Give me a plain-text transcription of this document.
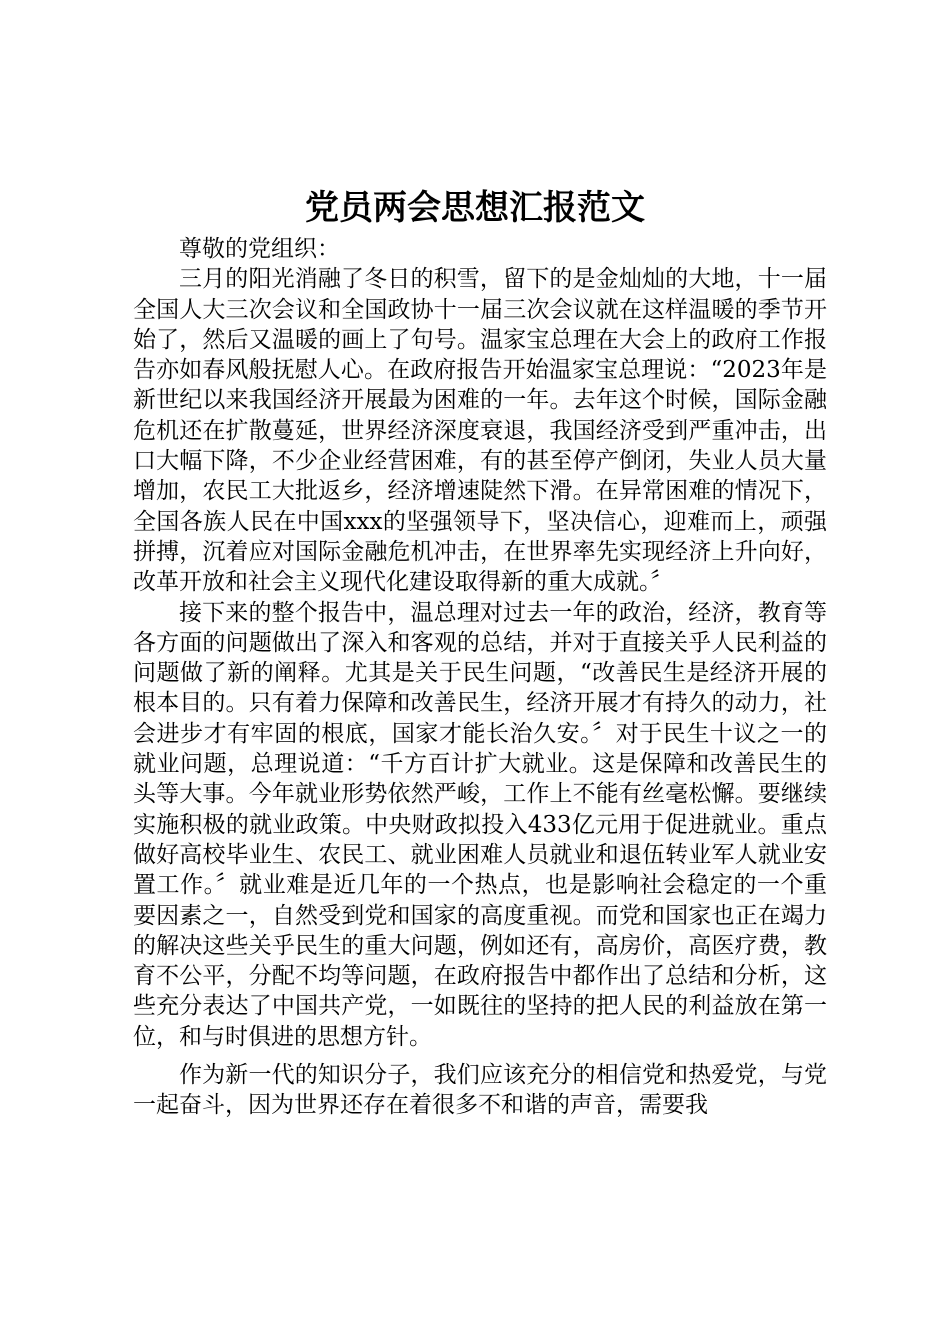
党员两会思想汇报范文

尊敬的党组织：

三月的阳光消融了冬日的积雪，留下的是金灿灿的大地，十一届全国人大三次会议和全国政协十一届三次会议就在这样温暖的季节开始了，然后又温暖的画上了句号。温家宝总理在大会上的政府工作报告亦如春风般抚慰人心。在政府报告开始温家宝总理说：“2023年是新世纪以来我国经济开展最为困难的一年。去年这个时候，国际金融危机还在扩散蔓延，世界经济深度衰退，我国经济受到严重冲击，出口大幅下降，不少企业经营困难，有的甚至停产倒闭，失业人员大量增加，农民工大批返乡，经济增速陡然下滑。在异常困难的情况下，全国各族人民在中国xxx的坚强领导下，坚决信心，迎难而上，顽强拼搏，沉着应对国际金融危机冲击，在世界率先实现经济上升向好，改革开放和社会主义现代化建设取得新的重大成就。〞

接下来的整个报告中，温总理对过去一年的政治，经济，教育等各方面的问题做出了深入和客观的总结，并对于直接关乎人民利益的问题做了新的阐释。尤其是关于民生问题，“改善民生是经济开展的根本目的。只有着力保障和改善民生，经济开展才有持久的动力，社会进步才有牢固的根底，国家才能长治久安。〞对于民生十议之一的就业问题，总理说道：“千方百计扩大就业。这是保障和改善民生的头等大事。今年就业形势依然严峻，工作上不能有丝毫松懈。要继续实施积极的就业政策。中央财政拟投入433亿元用于促进就业。重点做好高校毕业生、农民工、就业困难人员就业和退伍转业军人就业安置工作。〞就业难是近几年的一个热点，也是影响社会稳定的一个重要因素之一，自然受到党和国家的高度重视。而党和国家也正在竭力的解决这些关乎民生的重大问题，例如还有，高房价，高医疗费，教育不公平，分配不均等问题，在政府报告中都作出了总结和分析，这些充分表达了中国共产党，一如既往的坚持的把人民的利益放在第一位，和与时俱进的思想方针。

作为新一代的知识分子，我们应该充分的相信党和热爱党，与党一起奋斗，因为世界还存在着很多不和谐的声音，需要我
